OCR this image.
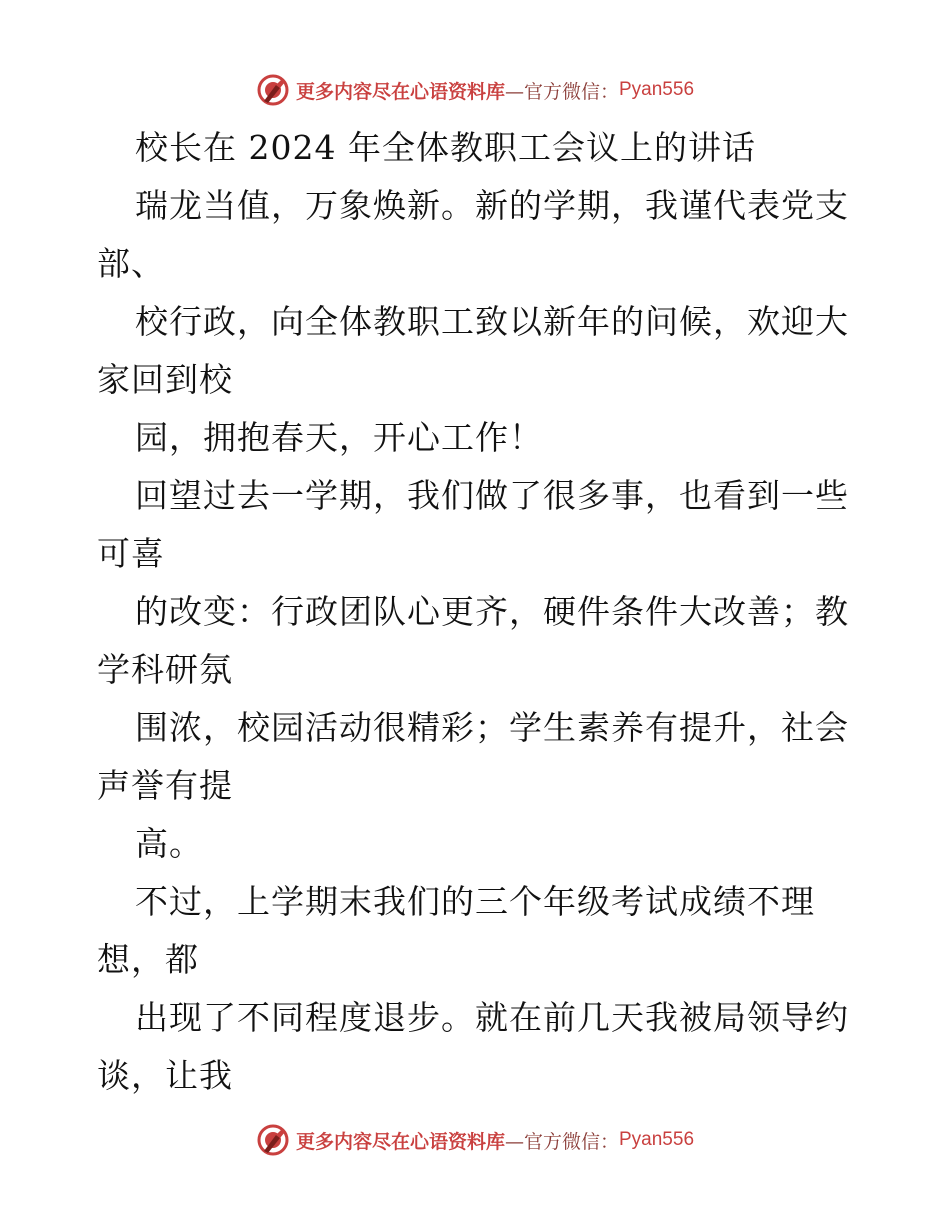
更多内容尽在心语资料库 —官方微信： Pyan556
校长在 2024 年全体教职工会议上的讲话
瑞龙当值，万象焕新。新的学期，我谨代表党支
部、
校行政，向全体教职工致以新年的问候，欢迎大
家回到校
园，拥抱春天，开心工作！
回望过去一学期，我们做了很多事，也看到一些
可喜
的改变：行政团队心更齐，硬件条件大改善；教
学科研氛
围浓，校园活动很精彩；学生素养有提升，社会
声誉有提
高。
不过，上学期末我们的三个年级考试成绩不理
想，都
出现了不同程度退步。就在前几天我被局领导约
谈，让我
更多内容尽在心语资料库 —官方微信： Pyan556
